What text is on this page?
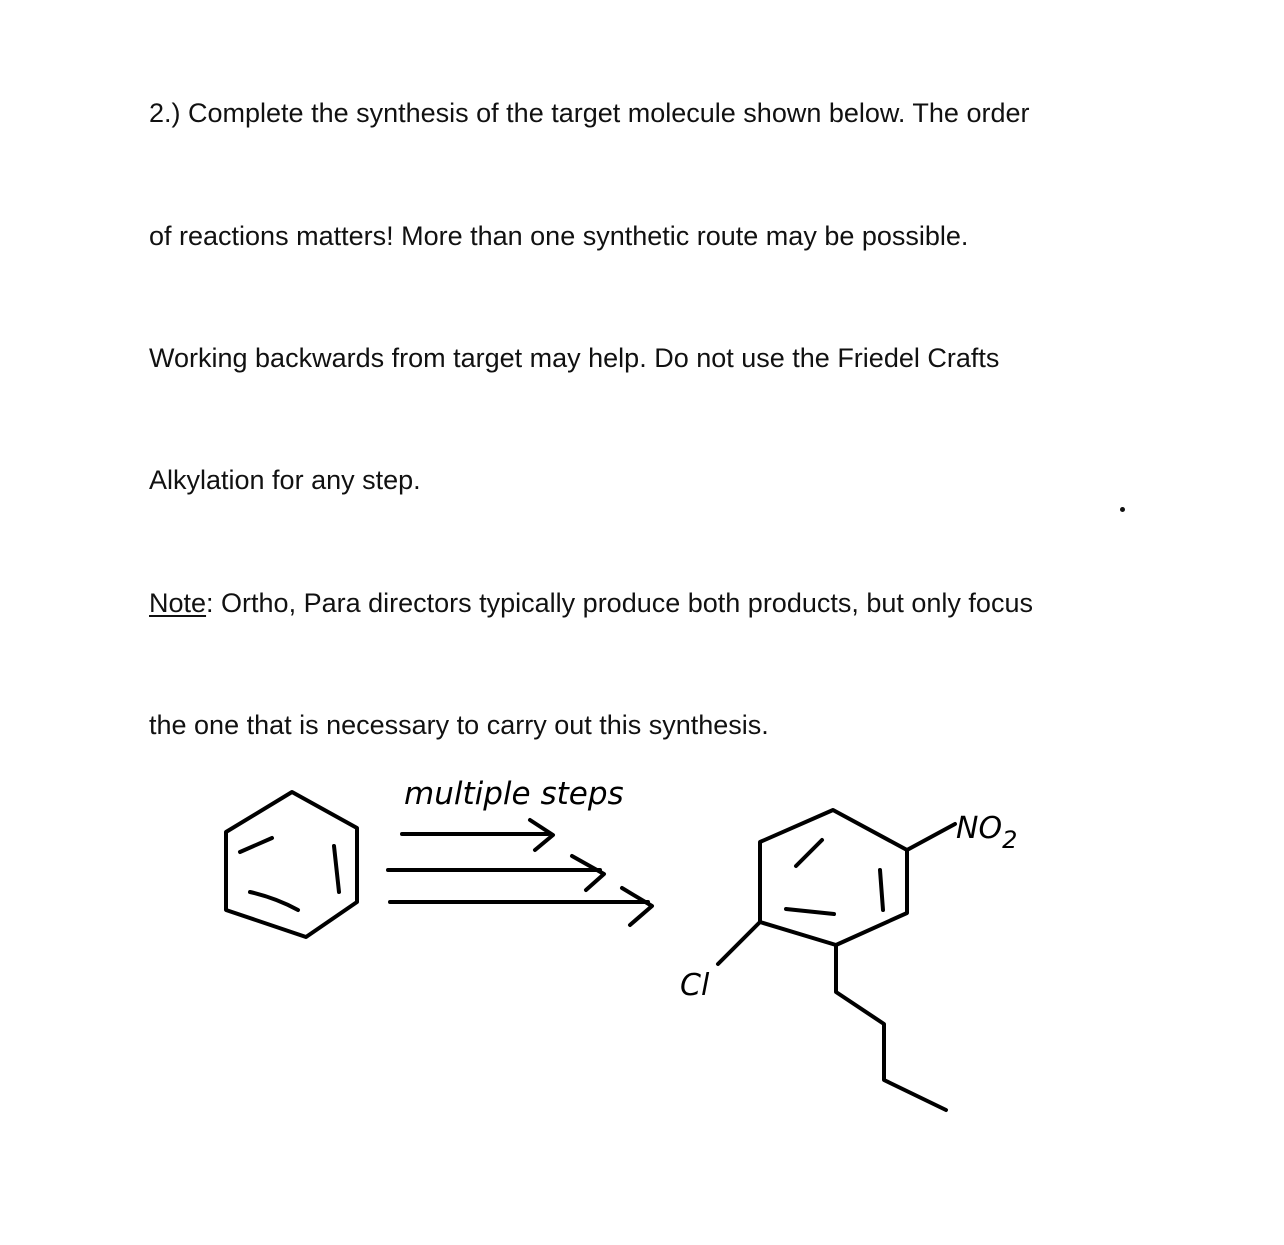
2.) Complete the synthesis of the target molecule shown below. The order

of reactions matters! More than one synthetic route may be possible.

Working backwards from target may help. Do not use the Friedel Crafts

Alkylation for any step.

Note: Ortho, Para directors typically produce both products, but only focus

the one that is necessary to carry out this synthesis.

multiple steps
$NO_2$
Cl
